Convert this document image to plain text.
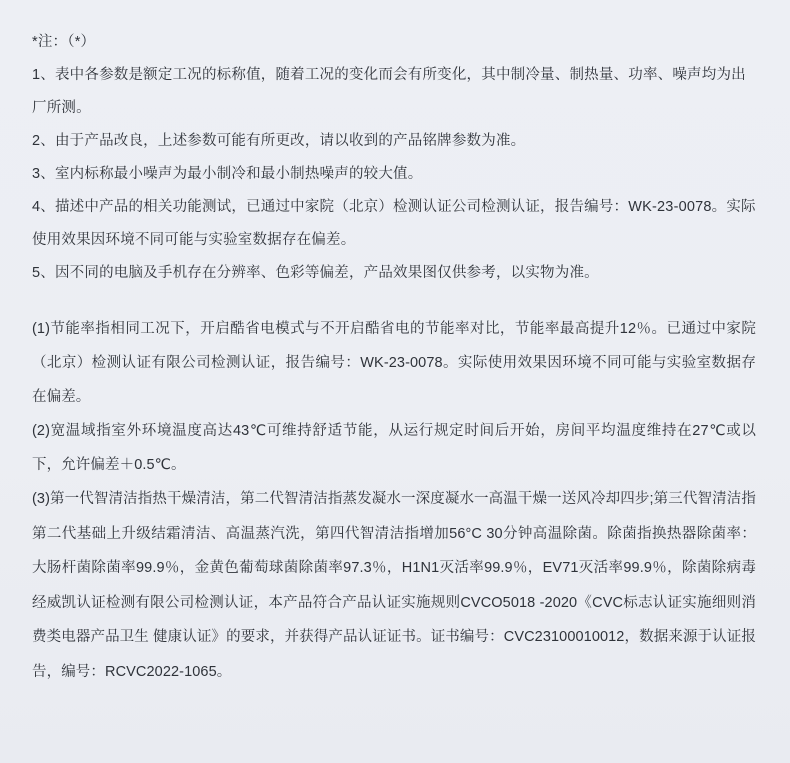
*注：（*）
1、表中各参数是额定工况的标称值，随着工况的变化而会有所变化，其中制冷量、制热量、功率、噪声均为出厂所测。
2、由于产品改良，上述参数可能有所更改，请以收到的产品铭牌参数为准。
3、室内标称最小噪声为最小制冷和最小制热噪声的较大值。
4、描述中产品的相关功能测试，已通过中家院（北京）检测认证公司检测认证，报告编号：WK-23-0078。实际使用效果因环境不同可能与实验室数据存在偏差。
5、因不同的电脑及手机存在分辨率、色彩等偏差，产品效果图仅供参考，以实物为准。
(1)节能率指相同工况下，开启酷省电模式与不开启酷省电的节能率对比，节能率最高提升12％。已通过中家院（北京）检测认证有限公司检测认证，报告编号：WK-23-0078。实际使用效果因环境不同可能与实验室数据存在偏差。
(2)宽温域指室外环境温度高达43℃可维持舒适节能，从运行规定时间后开始，房间平均温度维持在27℃或以下，允许偏差＋0.5℃。
(3)第一代智清洁指热干燥清洁，第二代智清洁指蒸发凝水一深度凝水一高温干燥一送风冷却四步;第三代智清洁指第二代基础上升级结霜清洁、高温蒸汽洗，第四代智清洁指增加56°C 30分钟高温除菌。除菌指换热器除菌率：大肠杆菌除菌率99.9％，金黄色葡萄球菌除菌率97.3％，H1N1灭活率99.9％，EV71灭活率99.9％，除菌除病毒经威凯认证检测有限公司检测认证，本产品符合产品认证实施规则CVCO5018 -2020《CVC标志认证实施细则消费类电器产品卫生 健康认证》的要求，并获得产品认证证书。证书编号：CVC23100010012，数据来源于认证报告，编号：RCVC2022-1065。
